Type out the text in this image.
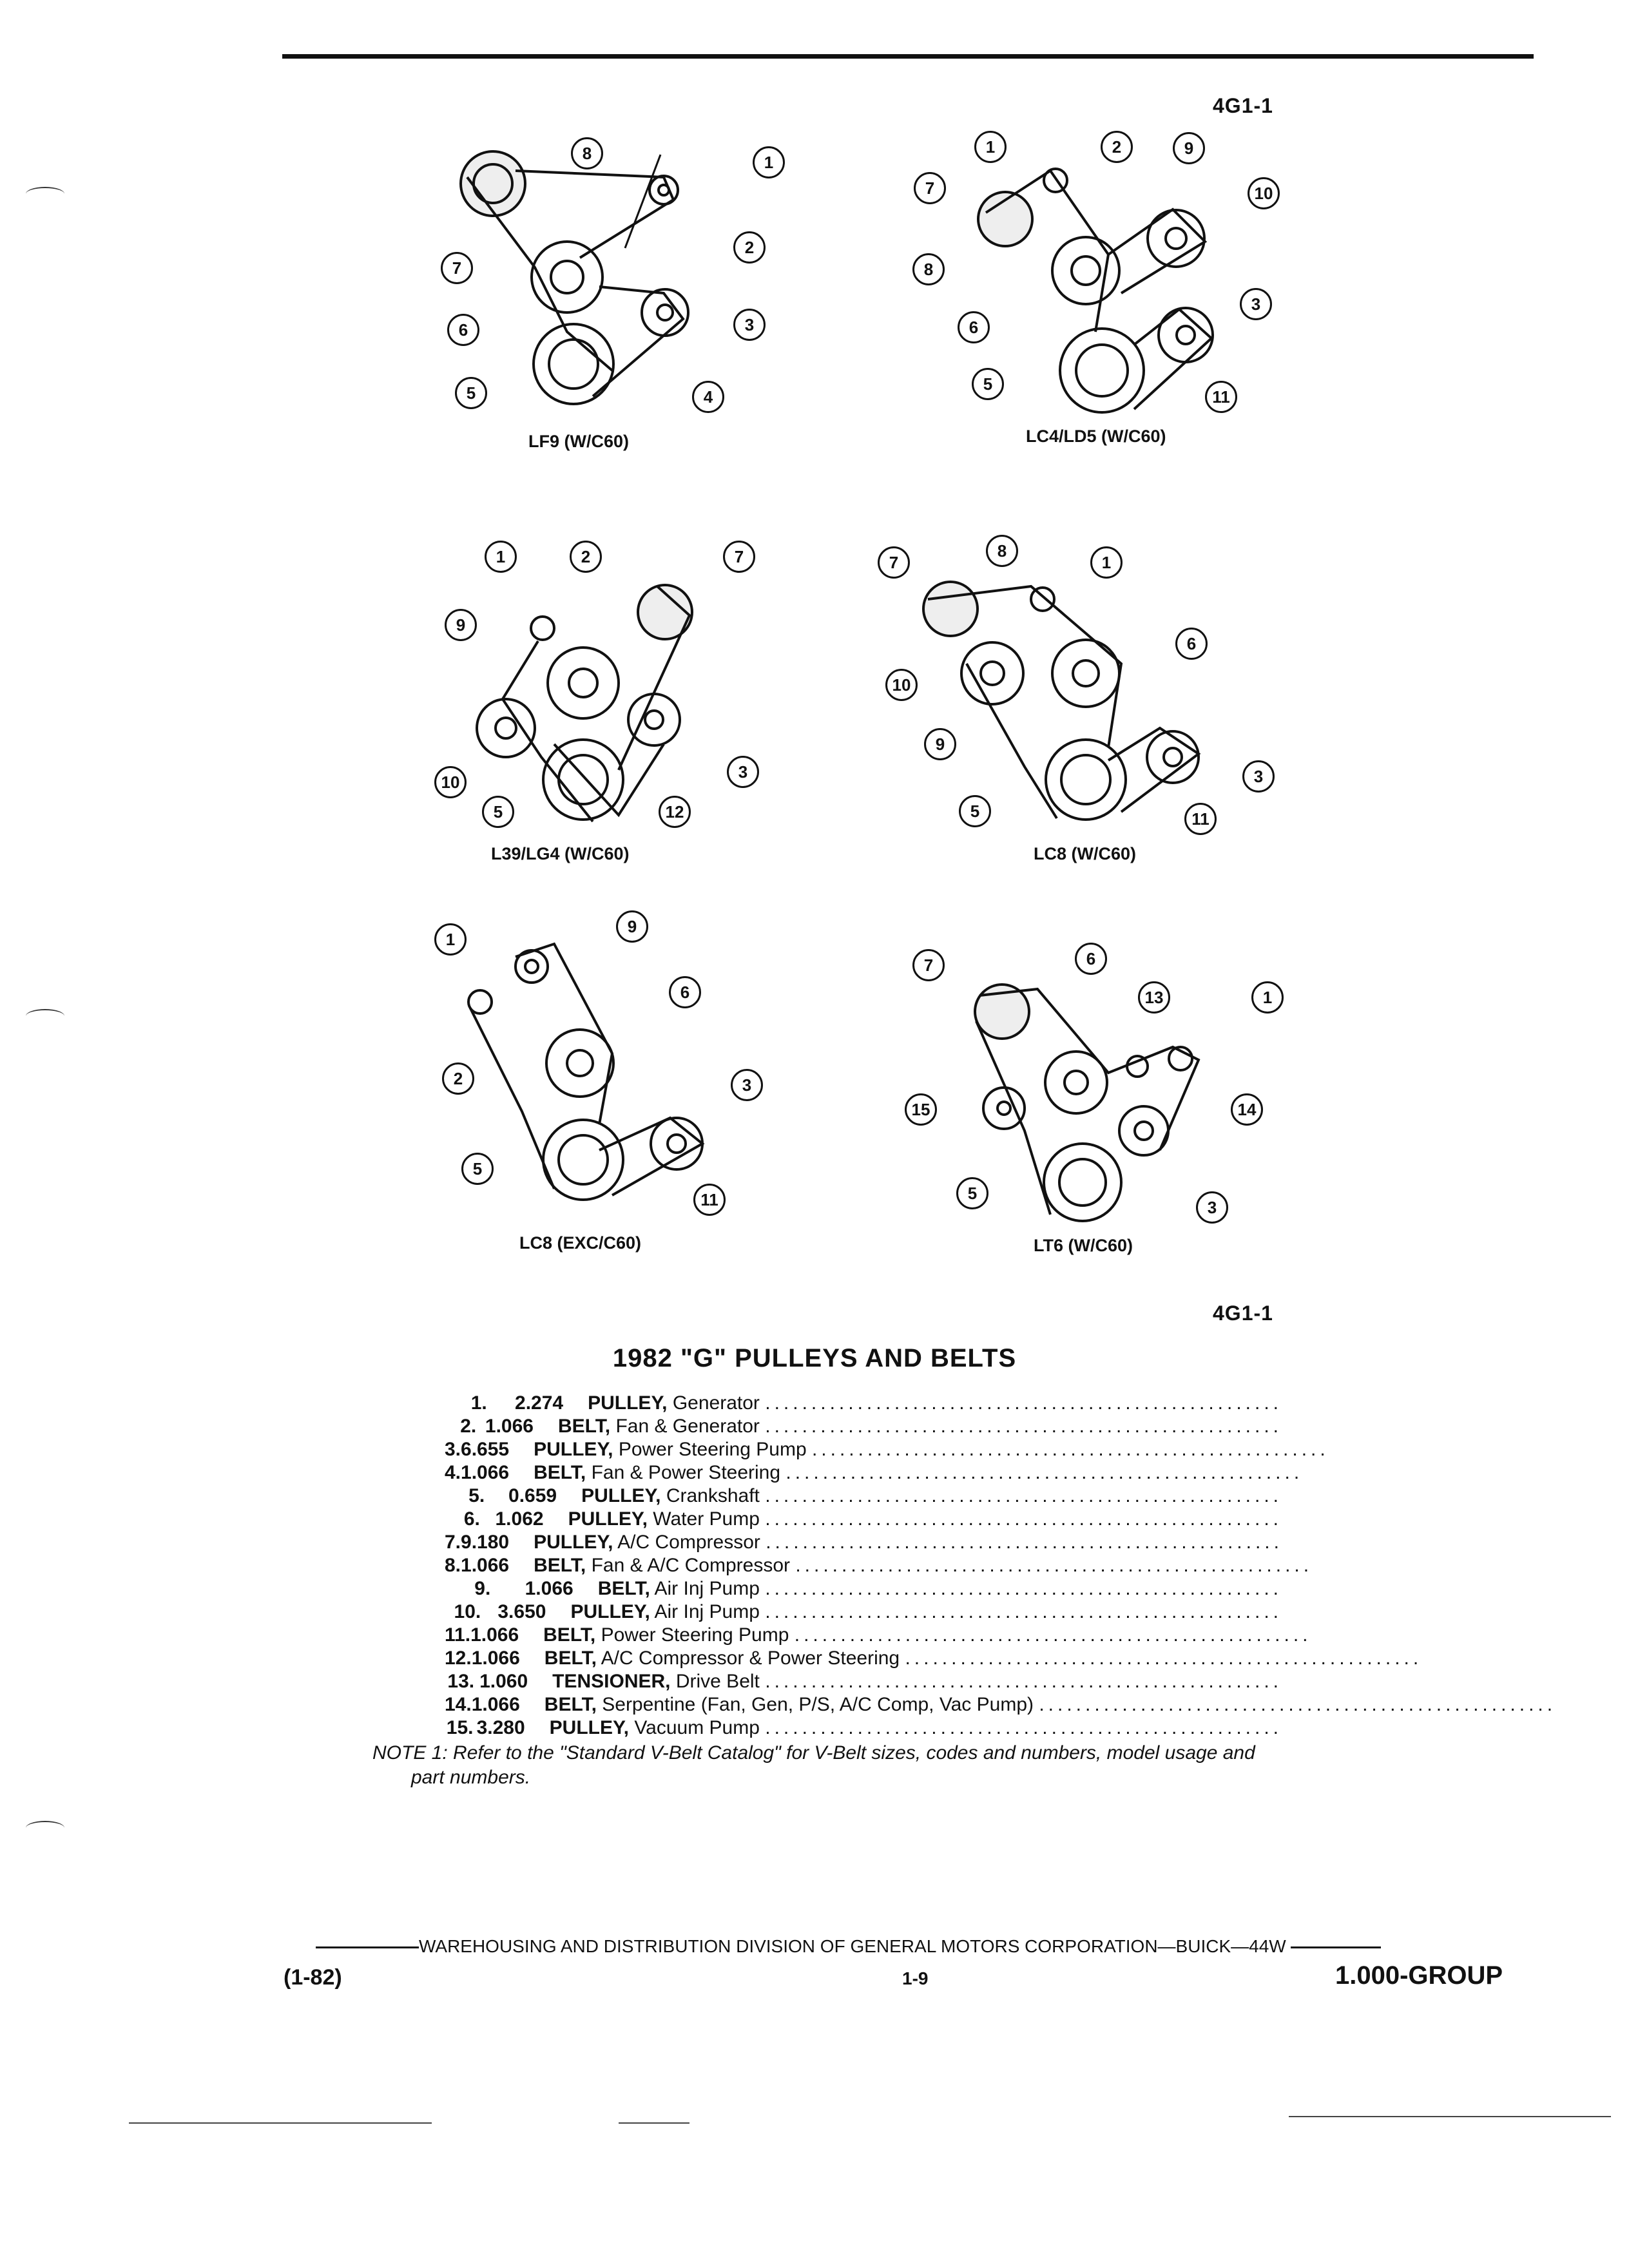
4G1-1
1
2
3
4
5
6
7
8
LF9 (W/C60)
1	2
3
5
6
7
8
9
10
11
LC4/LD5 (W/C60)
1	2
3
5
7
9
10
12
L39/LG4 (W/C60)
1
3
5
6
7
8
9
10
11
LC8 (W/C60)
1
2	3
5
6
9
11
LC8 (EXC/C60)
1
3
5
6
7
13
14
15
LT6 (W/C60)
4G1-1
1982 "G" PULLEYS AND BELTS
1.	2.274	PULLEY, Generator ........................................................
2. 1.066	BELT, Fan & Generator ........................................................
3. 6.655	PULLEY, Power Steering Pump ........................................................
4. 1.066	BELT, Fan & Power Steering ........................................................
5.	0.659	PULLEY, Crankshaft ........................................................
6. 1.062	PULLEY, Water Pump ........................................................
7. 9.180	PULLEY, A/C Compressor ........................................................
8. 1.066	BELT, Fan & A/C Compressor ........................................................
9.	1.066	BELT, Air Inj Pump ........................................................
10. 3.650	PULLEY, Air Inj Pump ........................................................
11. 1.066	BELT, Power Steering Pump ........................................................
12. 1.066	BELT, A/C Compressor & Power Steering ........................................................
13. 1.060	TENSIONER, Drive Belt ........................................................
14. 1.066	BELT, Serpentine (Fan, Gen, P/S, A/C Comp, Vac Pump) ........................................................
15. 3.280	PULLEY, Vacuum Pump ........................................................
NOTE 1: Refer to the "Standard V-Belt Catalog" for V-Belt sizes, codes and numbers, model usage and
part numbers.
WAREHOUSING AND DISTRIBUTION DIVISION OF GENERAL MOTORS CORPORATION—BUICK—44W
(1-82)	1-9	1.000-GROUP
